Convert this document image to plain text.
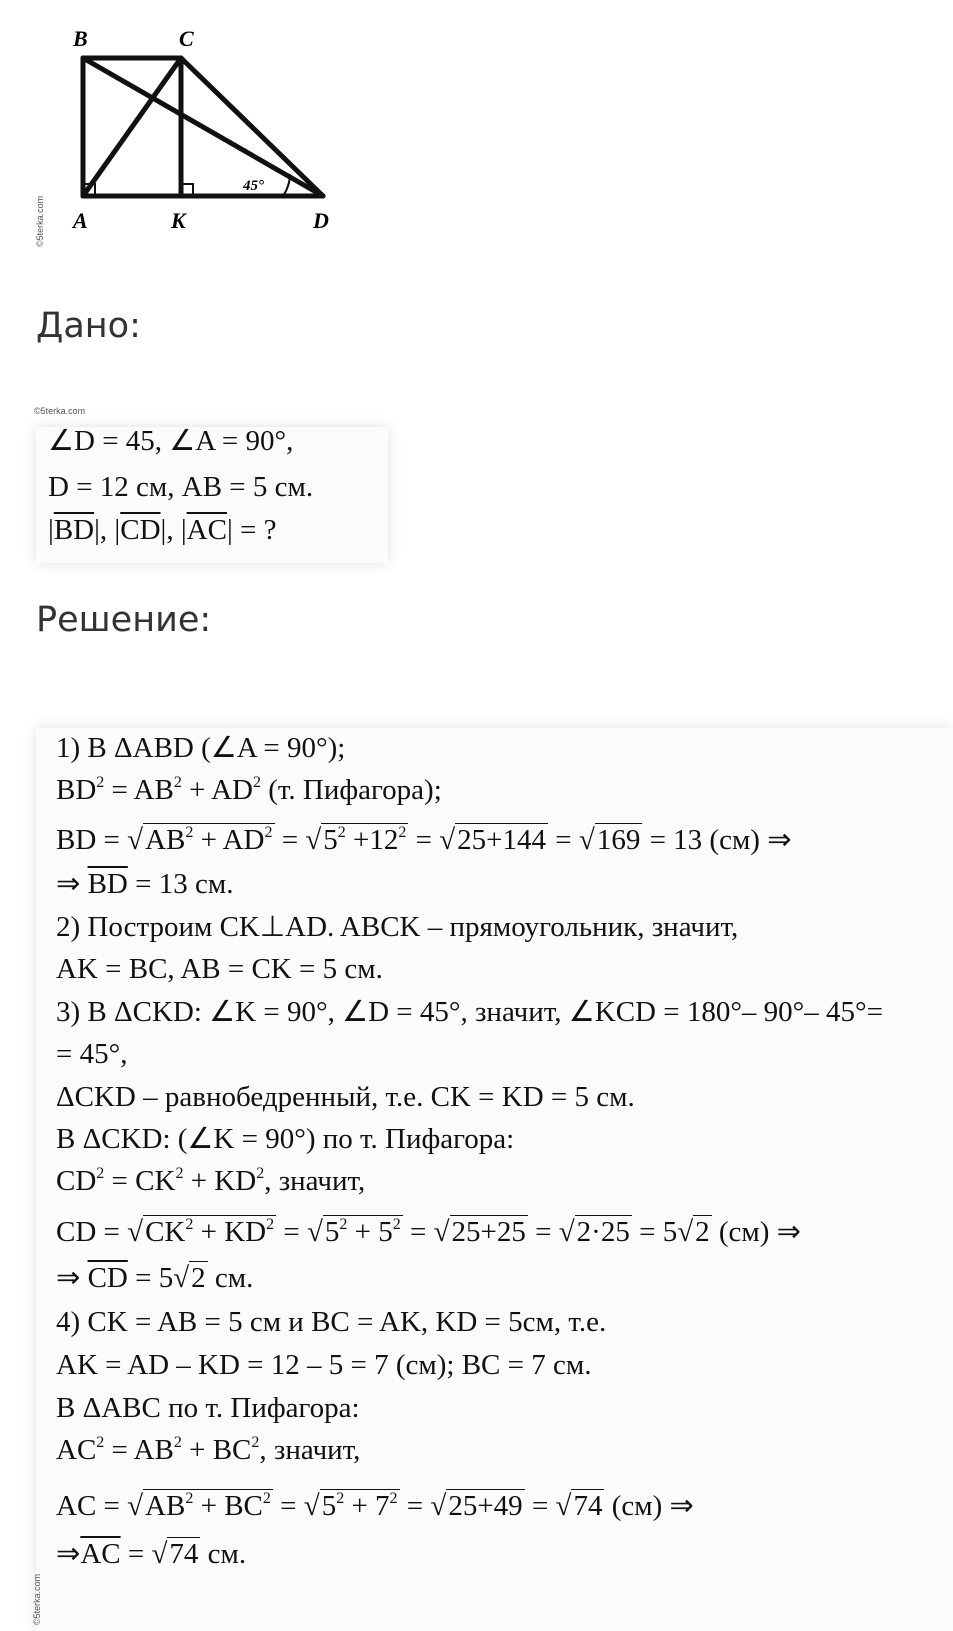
B	C
A	K	D
45°
©5terka.com
Дано:
©5terka.com
∠D = 45, ∠A = 90°,
D = 12 см, AB = 5 см.
$|\overline{BD}|$, $|\overline{CD}|$, $|\overline{AC}|$ = ?
Решение:
1) В ΔABD (∠A = 90°);
$BD^2 = AB^2 + AD^2$ (т. Пифагора);
BD = $√AB^2 + AD^2 = √5^2 +12^2 = √25+144 = √169 = 13$ (см) ⇒
⇒ $\overline{BD} = 13$ см.
2) Построим CK⊥AD. ABCK – прямоугольник, значит,
AK = BC, AB = CK = 5 см.
3) В ΔCKD: ∠K = 90°, ∠D = 45°, значит, ∠KCD = 180°– 90°– 45°=
= 45°,
ΔCKD – равнобедренный, т.е. CK = KD = 5 см.
В ΔCKD: (∠K = 90°) по т. Пифагора:
$CD^2 = CK^2 + KD^2$, значит,
CD = $√CK^2 + KD^2 = √5^2 + 5^2 = √25+25 = √2\cdot 25 = 5√2$ (см) ⇒
⇒ $\overline{CD} = 5√2$ см.
4) CK = AB = 5 см и BC = AK, KD = 5см, т.е.
AK = AD – KD = 12 – 5 = 7 (см); BC = 7 см.
В ΔABC по т. Пифагора:
$AC^2 = AB^2 + BC^2$, значит,
AC = $√AB^2 + BC^2 = √5^2 + 7^2 = √25+49 = √74$ (см) ⇒
$\Rightarrow\overline{AC} = √74$ см.
©5terka.com
